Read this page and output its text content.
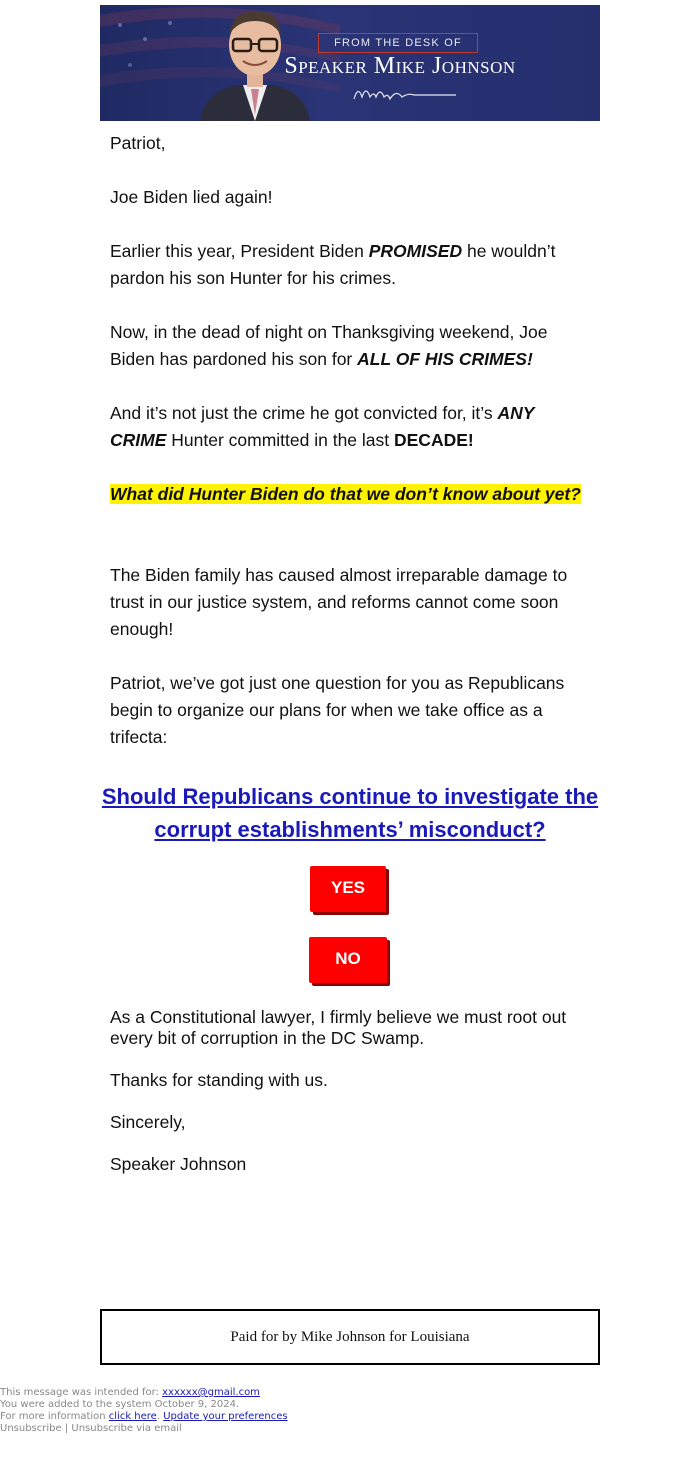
FROM THE DESK OF
Speaker Mike Johnson

Patriot,

Joe Biden lied again!

Earlier this year, President Biden PROMISED he wouldn’t pardon his son Hunter for his crimes.

Now, in the dead of night on Thanksgiving weekend, Joe Biden has pardoned his son for ALL OF HIS CRIMES!

And it’s not just the crime he got convicted for, it’s ANY CRIME Hunter committed in the last DECADE!

What did Hunter Biden do that we don’t know about yet?

The Biden family has caused almost irreparable damage to trust in our justice system, and reforms cannot come soon enough!

Patriot, we’ve got just one question for you as Republicans begin to organize our plans for when we take office as a trifecta:

Should Republicans continue to investigate the corrupt establishments’ misconduct?
YES
NO
As a Constitutional lawyer, I firmly believe we must root out every bit of corruption in the DC Swamp.
Thanks for standing with us.
Sincerely,
Speaker Johnson
Paid for by Mike Johnson for Louisiana
This message was intended for: xxxxxx@gmail.com
You were added to the system October 9, 2024.
For more information click here. Update your preferences
Unsubscribe | Unsubscribe via email
